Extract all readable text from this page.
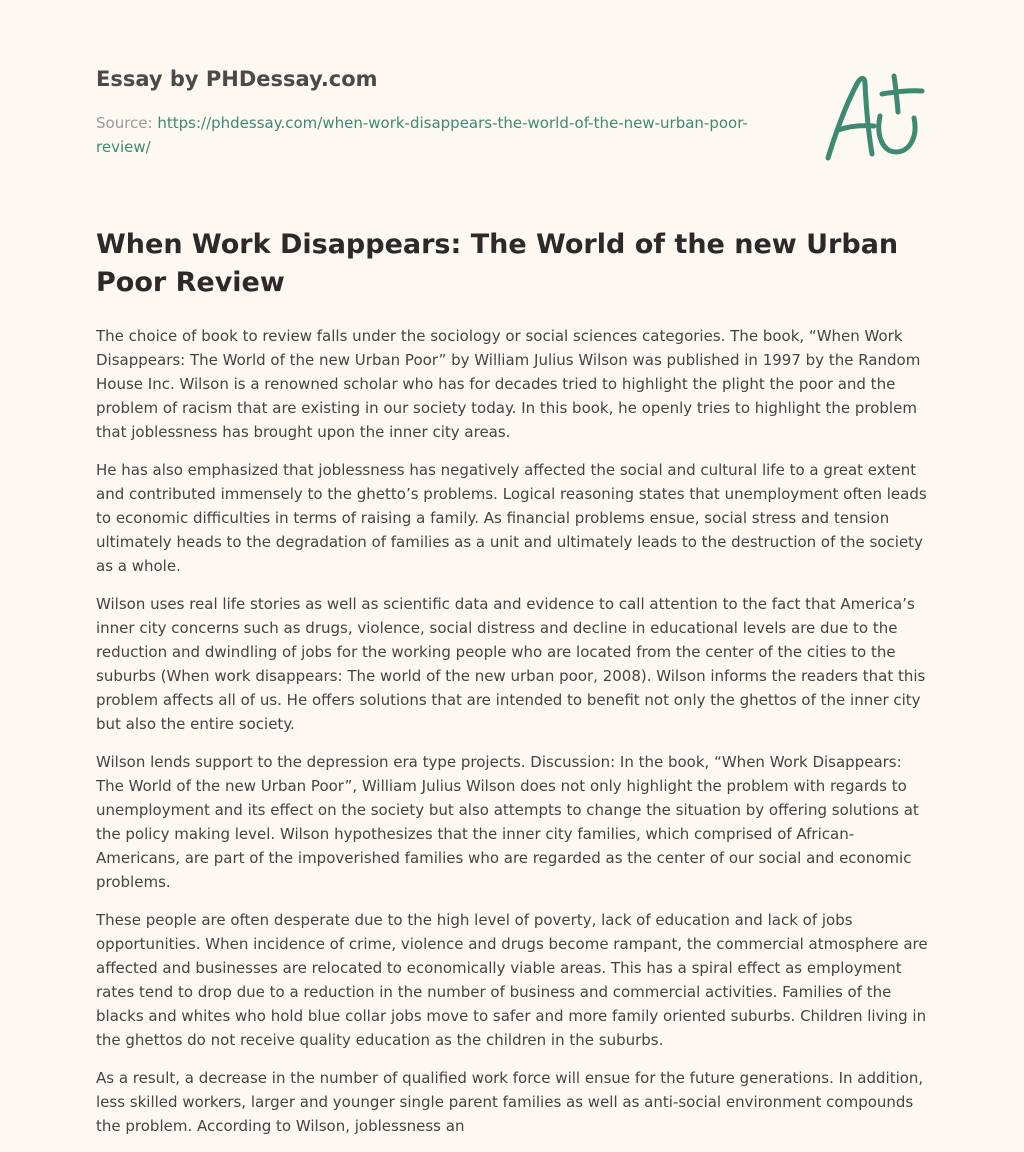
Essay by PHDessay.com
Source: https://phdessay.com/when-work-disappears-the-world-of-the-new-urban-poor-review/
When Work Disappears: The World of the new Urban Poor Review

The choice of book to review falls under the sociology or social sciences categories. The book, “When Work Disappears: The World of the new Urban Poor” by William Julius Wilson was published in 1997 by the Random House Inc. Wilson is a renowned scholar who has for decades tried to highlight the plight the poor and the problem of racism that are existing in our society today. In this book, he openly tries to highlight the problem that joblessness has brought upon the inner city areas.

He has also emphasized that joblessness has negatively affected the social and cultural life to a great extent and contributed immensely to the ghetto’s problems. Logical reasoning states that unemployment often leads to economic difficulties in terms of raising a family. As financial problems ensue, social stress and tension ultimately heads to the degradation of families as a unit and ultimately leads to the destruction of the society as a whole.

Wilson uses real life stories as well as scientific data and evidence to call attention to the fact that America’s inner city concerns such as drugs, violence, social distress and decline in educational levels are due to the reduction and dwindling of jobs for the working people who are located from the center of the cities to the suburbs (When work disappears: The world of the new urban poor, 2008). Wilson informs the readers that this problem affects all of us. He offers solutions that are intended to benefit not only the ghettos of the inner city but also the entire society.

Wilson lends support to the depression era type projects. Discussion: In the book, “When Work Disappears: The World of the new Urban Poor”, William Julius Wilson does not only highlight the problem with regards to unemployment and its effect on the society but also attempts to change the situation by offering solutions at the policy making level. Wilson hypothesizes that the inner city families, which comprised of African-Americans, are part of the impoverished families who are regarded as the center of our social and economic problems.

These people are often desperate due to the high level of poverty, lack of education and lack of jobs opportunities. When incidence of crime, violence and drugs become rampant, the commercial atmosphere are affected and businesses are relocated to economically viable areas. This has a spiral effect as employment rates tend to drop due to a reduction in the number of business and commercial activities. Families of the blacks and whites who hold blue collar jobs move to safer and more family oriented suburbs. Children living in the ghettos do not receive quality education as the children in the suburbs.

As a result, a decrease in the number of qualified work force will ensue for the future generations. In addition, less skilled workers, larger and younger single parent families as well as anti-social environment compounds the problem. According to Wilson, joblessness an
